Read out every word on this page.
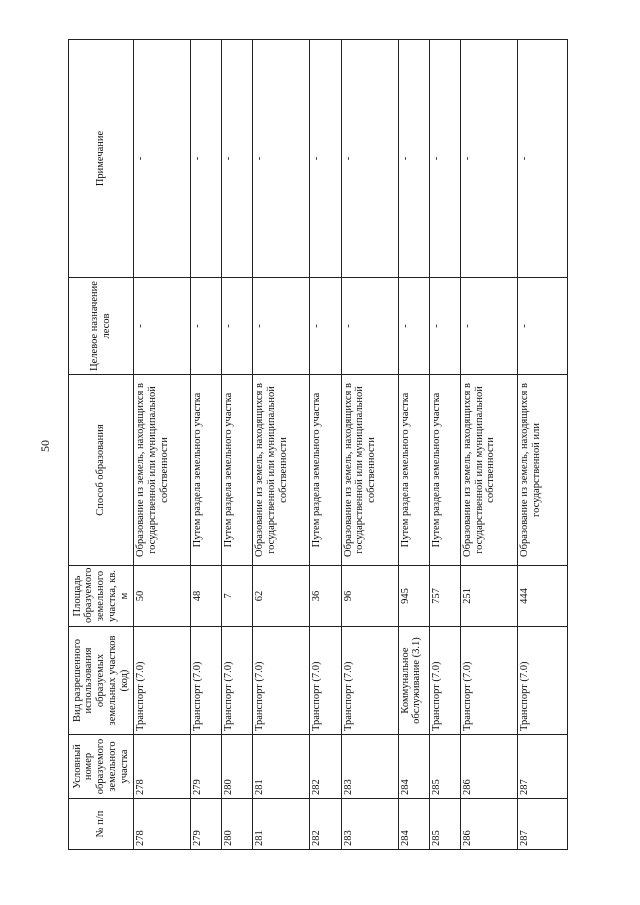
50
№ п/п	Условный номер образуемого земельного участка	Вид разрешенного использования образуемых земельных участков (код)	Площадь образуемого земельного участка, кв. м	Способ образования	Целевое назначение лесов	Примечание
278	278	Транспорт (7.0)	50	Образование из земель, находящихся в государственной или муниципальной собственности	-	-
279	279	Транспорт (7.0)	48	Путем раздела земельного участка	-	-
280	280	Транспорт (7.0)	7	Путем раздела земельного участка	-	-
281	281	Транспорт (7.0)	62	Образование из земель, находящихся в государственной или муниципальной собственности	-	-
282	282	Транспорт (7.0)	36	Путем раздела земельного участка	-	-
283	283	Транспорт (7.0)	96	Образование из земель, находящихся в государственной или муниципальной собственности	-	-
284	284	Коммунальное обслуживание (3.1)	945	Путем раздела земельного участка	-	-
285	285	Транспорт (7.0)	757	Путем раздела земельного участка	-	-
286	286	Транспорт (7.0)	251	Образование из земель, находящихся в государственной или муниципальной собственности	-	-
287	287	Транспорт (7.0)	444	Образование из земель, находящихся в государственной или	-	-
